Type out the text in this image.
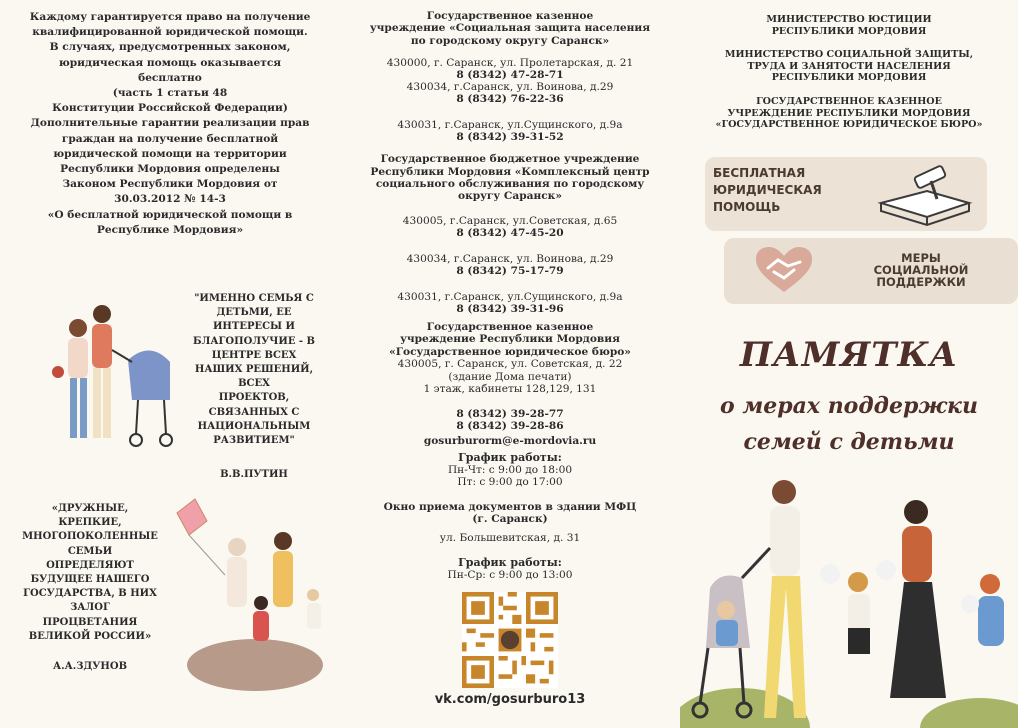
Каждому гарантируется право на получение
квалифицированной юридической помощи.
В случаях, предусмотренных законом,
юридическая помощь оказывается
бесплатно
(часть 1 статьи 48
Конституции Российской Федерации)
Дополнительные гарантии реализации прав
граждан на получение бесплатной
юридической помощи на территории
Республики Мордовия определены
Законом Республики Мордовия от
30.03.2012 № 14-3
«О бесплатной юридической помощи в
Республике Мордовия»
"ИМЕННО СЕМЬЯ С
ДЕТЬМИ, ЕЕ
ИНТЕРЕСЫ И
БЛАГОПОЛУЧИЕ - В
ЦЕНТРЕ ВСЕХ
НАШИХ РЕШЕНИЙ,
ВСЕХ
ПРОЕКТОВ,
СВЯЗАННЫХ С
НАЦИОНАЛЬНЫМ
РАЗВИТИЕМ"
В.В.ПУТИН
«ДРУЖНЫЕ,
КРЕПКИЕ,
МНОГОПОКОЛЕННЫЕ
СЕМЬИ
ОПРЕДЕЛЯЮТ
БУДУЩЕЕ НАШЕГО
ГОСУДАРСТВА, В НИХ
ЗАЛОГ
ПРОЦВЕТАНИЯ
ВЕЛИКОЙ РОССИИ»
А.А.ЗДУНОВ
Государственное казенное
учреждение «Социальная защита населения
по городскому округу Саранск»
430000, г. Саранск, ул. Пролетарская, д. 21
8 (8342) 47-28-71
430034, г.Саранск, ул. Воинова, д.29
8 (8342) 76-22-36
430031, г.Саранск, ул.Сущинского, д.9а
8 (8342) 39-31-52
Государственное бюджетное учреждение
Республики Мордовия «Комплексный центр
социального обслуживания по городскому
округу Саранск»
430005, г.Саранск, ул.Советская, д.65
8 (8342) 47-45-20
430034, г.Саранск, ул. Воинова, д.29
8 (8342) 75-17-79
430031, г.Саранск, ул.Сущинского, д.9а
8 (8342) 39-31-96
Государственное казенное
учреждение Республики Мордовия
«Государственное юридическое бюро»
430005, г. Саранск, ул. Советская, д. 22
(здание Дома печати)
1 этаж, кабинеты 128,129, 131
8 (8342) 39-28-77
8 (8342) 39-28-86
gosurburorm@e-mordovia.ru
График работы:
Пн-Чт: с 9:00 до 18:00
Пт: с 9:00 до 17:00
Окно приема документов в здании МФЦ
(г. Саранск)
ул. Большевитская, д. 31
График работы:
Пн-Ср: с 9:00 до 13:00
vk.com/gosurburo13
МИНИСТЕРСТВО ЮСТИЦИИ
РЕСПУБЛИКИ МОРДОВИЯ
МИНИСТЕРСТВО СОЦИАЛЬНОЙ ЗАЩИТЫ,
ТРУДА И ЗАНЯТОСТИ НАСЕЛЕНИЯ
РЕСПУБЛИКИ МОРДОВИЯ
ГОСУДАРСТВЕННОЕ КАЗЕННОЕ
УЧРЕЖДЕНИЕ РЕСПУБЛИКИ МОРДОВИЯ
«ГОСУДАРСТВЕННОЕ ЮРИДИЧЕСКОЕ БЮРО»
БЕСПЛАТНАЯ
ЮРИДИЧЕСКАЯ
ПОМОЩЬ
МЕРЫ
СОЦИАЛЬНОЙ
ПОДДЕРЖКИ
ПАМЯТКА
о мерах поддержки
семей с детьми
